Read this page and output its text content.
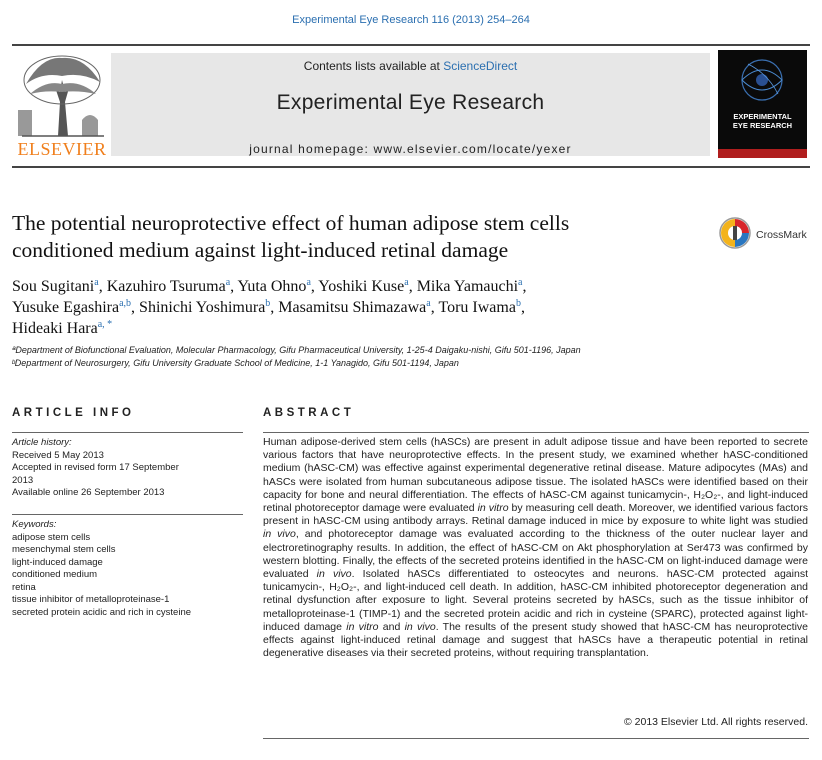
Experimental Eye Research 116 (2013) 254–264
ELSEVIER
Contents lists available at ScienceDirect
Experimental Eye Research
journal homepage: www.elsevier.com/locate/yexer
EXPERIMENTAL
EYE RESEARCH
The potential neuroprotective effect of human adipose stem cells
conditioned medium against light-induced retinal damage
CrossMark
Sou Sugitani$^a$, Kazuhiro Tsuruma$^a$, Yuta Ohno$^a$, Yoshiki Kuse$^a$, Mika Yamauchi$^a$,
Yusuke Egashira$^{a,b}$, Shinichi Yoshimura$^b$, Masamitsu Shimazawa$^a$, Toru Iwama$^b$,
Hideaki Hara$^{a, *}$
ªDepartment of Biofunctional Evaluation, Molecular Pharmacology, Gifu Pharmaceutical University, 1-25-4 Daigaku-nishi, Gifu 501-1196, Japan
ᵇDepartment of Neurosurgery, Gifu University Graduate School of Medicine, 1-1 Yanagido, Gifu 501-1194, Japan
ARTICLE INFO	ABSTRACT
Article history:
Received 5 May 2013
Accepted in revised form 17 September
2013
Available online 26 September 2013
Keywords:
adipose stem cells
mesenchymal stem cells
light-induced damage
conditioned medium
retina
tissue inhibitor of metalloproteinase-1
secreted protein acidic and rich in cysteine
Human adipose-derived stem cells (hASCs) are present in adult adipose tissue and have been reported to secrete various factors that have neuroprotective effects. In the present study, we examined whether hASC-conditioned medium (hASC-CM) was effective against experimental degenerative retinal disease. Mature adipocytes (MAs) and hASCs were isolated from human subcutaneous adipose tissue. The isolated hASCs were identified based on their capacity for bone and neural differentiation. The effects of hASC-CM against tunicamycin-, H₂O₂-, and light-induced retinal photoreceptor damage were evaluated in vitro by measuring cell death. Moreover, we identified various factors present in hASC-CM using antibody arrays. Retinal damage induced in mice by exposure to white light was studied in vivo, and photoreceptor damage was evaluated according to the thickness of the outer nuclear layer and electroretinography results. In addition, the effect of hASC-CM on Akt phosphorylation at Ser473 was confirmed by western blotting. Finally, the effects of the secreted proteins identified in the hASC-CM on light-induced damage were evaluated in vivo. Isolated hASCs differentiated to osteocytes and neurons. hASC-CM protected against tunicamycin-, H₂O₂-, and light-induced cell death. In addition, hASC-CM inhibited photoreceptor degeneration and retinal dysfunction after exposure to light. Several proteins secreted by hASCs, such as the tissue inhibitor of metalloproteinase-1 (TIMP-1) and the secreted protein acidic and rich in cysteine (SPARC), protected against light-induced damage in vitro and in vivo. The results of the present study showed that hASC-CM has neuroprotective effects against light-induced retinal damage and suggest that hASCs have a therapeutic potential in retinal degenerative diseases via their secreted proteins, without requiring transplantation.
© 2013 Elsevier Ltd. All rights reserved.
